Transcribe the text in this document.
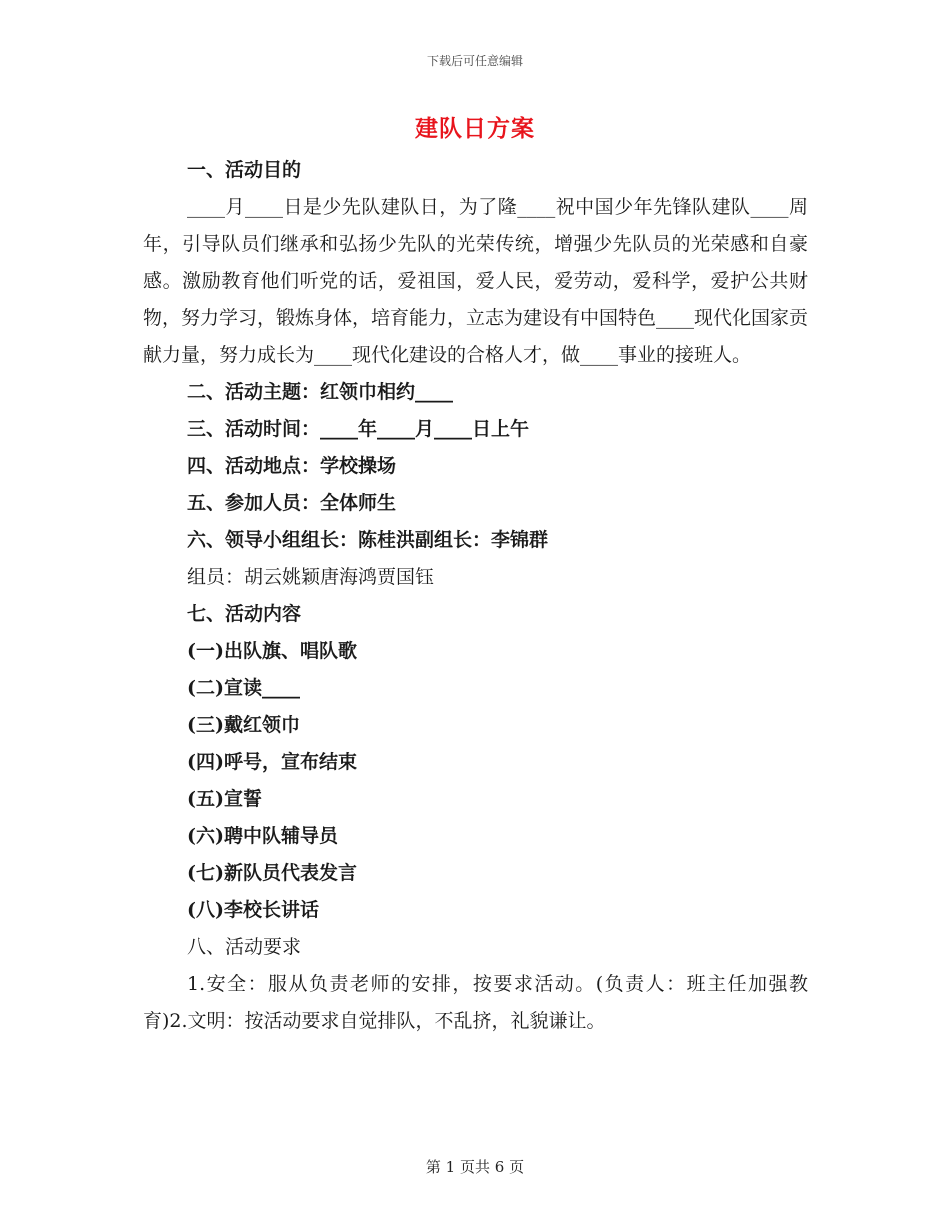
下载后可任意编辑
建队日方案
一、活动目的
____月____日是少先队建队日，为了隆____祝中国少年先锋队建队____周年，引导队员们继承和弘扬少先队的光荣传统，增强少先队员的光荣感和自豪感。激励教育他们听党的话，爱祖国，爱人民，爱劳动，爱科学，爱护公共财物，努力学习，锻炼身体，培育能力，立志为建设有中国特色____现代化国家贡献力量，努力成长为____现代化建设的合格人才，做____事业的接班人。
二、活动主题：红领巾相约____
三、活动时间：____年____月____日上午
四、活动地点：学校操场
五、参加人员：全体师生
六、领导小组组长：陈桂洪副组长：李锦群
组员：胡云姚颖唐海鸿贾国钰
七、活动内容
(一)出队旗、唱队歌
(二)宣读____
(三)戴红领巾
(四)呼号，宣布结束
(五)宣誓
(六)聘中队辅导员
(七)新队员代表发言
(八)李校长讲话
八、活动要求
1.安全：服从负责老师的安排，按要求活动。(负责人：班主任加强教育)2.文明：按活动要求自觉排队，不乱挤，礼貌谦让。
第 1 页共 6 页
